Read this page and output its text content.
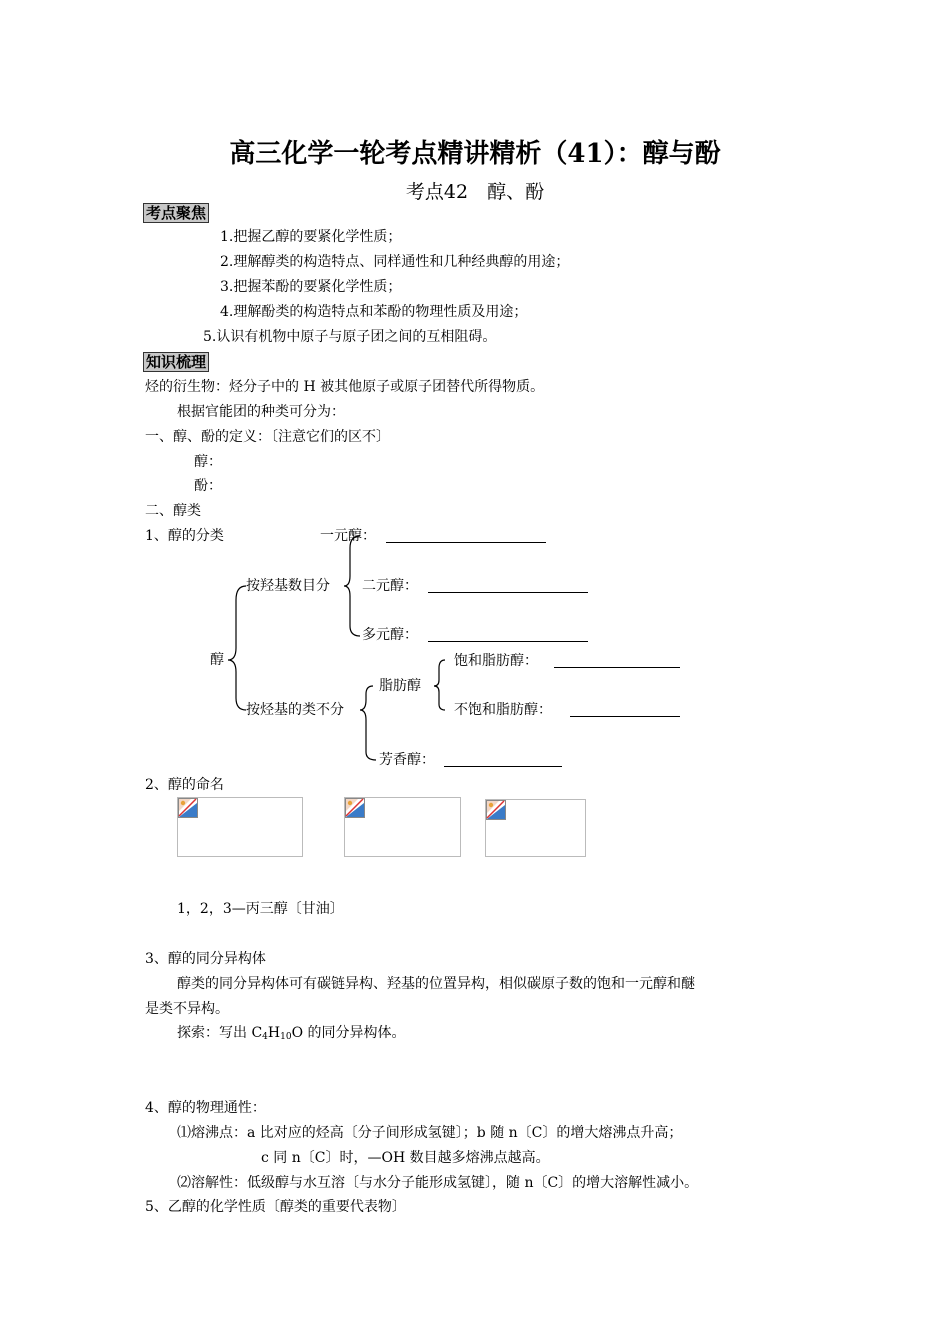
高三化学一轮考点精讲精析（41）：醇与酚
考点42　醇、酚
考点聚焦
1.把握乙醇的要紧化学性质；
2.理解醇类的构造特点、同样通性和几种经典醇的用途；
3.把握苯酚的要紧化学性质；
4.理解酚类的构造特点和苯酚的物理性质及用途；
5.认识有机物中原子与原子团之间的互相阻碍。
知识梳理
烃的衍生物：烃分子中的 H 被其他原子或原子团替代所得物质。
根据官能团的种类可分为：
一、醇、酚的定义：〔注意它们的区不〕
醇：
酚：
二、醇类
1、醇的分类
醇
按羟基数目分
一元醇：
二元醇：
多元醇：
按烃基的类不分
脂肪醇
饱和脂肪醇：
不饱和脂肪醇：
芳香醇：
2、醇的命名
1，2，3—丙三醇〔甘油〕
3、醇的同分异构体
醇类的同分异构体可有碳链异构、羟基的位置异构，相似碳原子数的饱和一元醇和醚
是类不异构。
探索：写出 $C_4H_{10}O$ 的同分异构体。
4、醇的物理通性：
⑴熔沸点：a 比对应的烃高〔分子间形成氢键〕；b 随 n〔C〕的增大熔沸点升高；
c 同 n〔C〕时，—OH 数目越多熔沸点越高。
⑵溶解性：低级醇与水互溶〔与水分子能形成氢键〕，随 n〔C〕的增大溶解性减小。
5、乙醇的化学性质〔醇类的重要代表物〕
